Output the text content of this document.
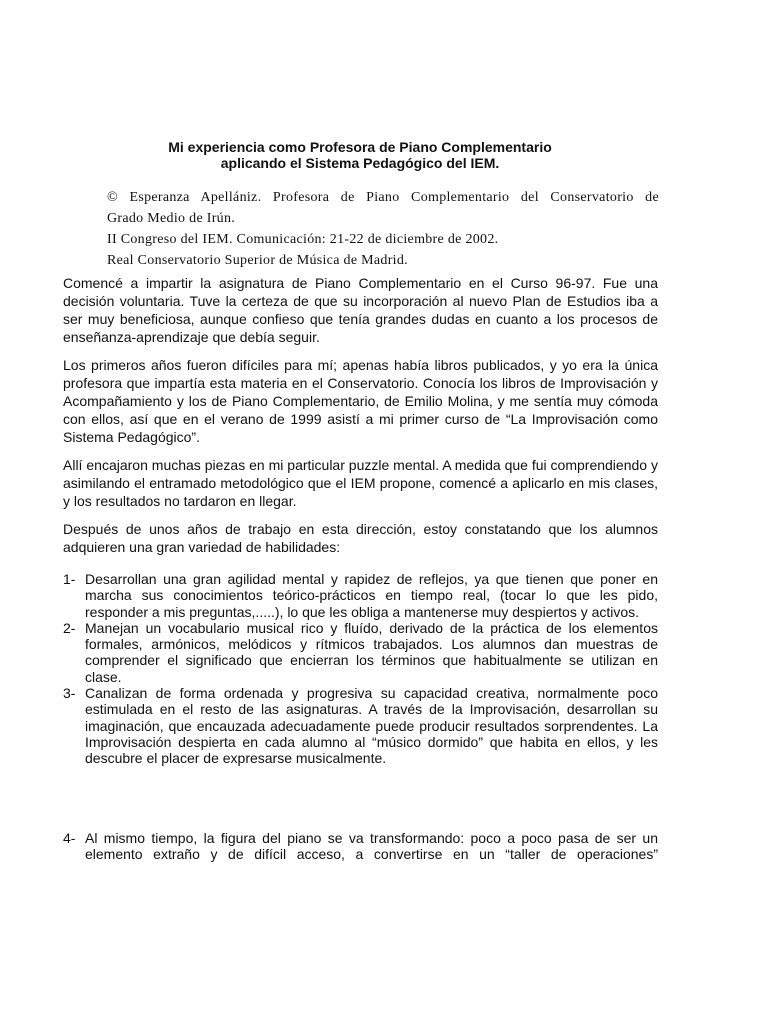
Mi experiencia como Profesora de Piano Complementario
aplicando el Sistema Pedagógico del IEM.
© Esperanza Apellániz. Profesora de Piano Complementario del Conservatorio de
Grado Medio de Irún.
II Congreso del IEM. Comunicación: 21-22 de diciembre de 2002.
Real Conservatorio Superior de Música de Madrid.
Comencé a impartir la asignatura de Piano Complementario en el Curso 96-97. Fue una decisión voluntaria. Tuve la certeza de que su incorporación al nuevo Plan de Estudios iba a ser muy beneficiosa, aunque confieso que tenía grandes dudas en cuanto a los procesos de enseñanza-aprendizaje que debía seguir.
Los primeros años fueron difíciles para mí; apenas había libros publicados, y yo era la única profesora que impartía esta materia en el Conservatorio. Conocía los libros de Improvisación y Acompañamiento y los de Piano Complementario, de Emilio Molina, y me sentía muy cómoda con ellos, así que en el verano de 1999 asistí a mi primer curso de “La Improvisación como Sistema Pedagógico”.
Allí encajaron muchas piezas en mi particular puzzle mental. A medida que fui comprendiendo y asimilando el entramado metodológico que el IEM propone, comencé a aplicarlo en mis clases, y los resultados no tardaron en llegar.
Después de unos años de trabajo en esta dirección, estoy constatando que los alumnos adquieren una gran variedad de habilidades:
1- Desarrollan una gran agilidad mental y rapidez de reflejos, ya que tienen que poner en marcha sus conocimientos teórico-prácticos en tiempo real, (tocar lo que les pido, responder a mis preguntas,.....), lo que les obliga a mantenerse muy despiertos y activos.
2- Manejan un vocabulario musical rico y fluído, derivado de la práctica de los elementos formales, armónicos, melódicos y rítmicos trabajados. Los alumnos dan muestras de comprender el significado que encierran los términos que habitualmente se utilizan en clase.
3- Canalizan de forma ordenada y progresiva su capacidad creativa, normalmente poco estimulada en el resto de las asignaturas. A través de la Improvisación, desarrollan su imaginación, que encauzada adecuadamente puede producir resultados sorprendentes. La Improvisación despierta en cada alumno al “músico dormido” que habita en ellos, y les descubre el placer de expresarse musicalmente.
4- Al mismo tiempo, la figura del piano se va transformando: poco a poco pasa de ser un elemento extraño y de difícil acceso, a convertirse en un “taller de operaciones”
